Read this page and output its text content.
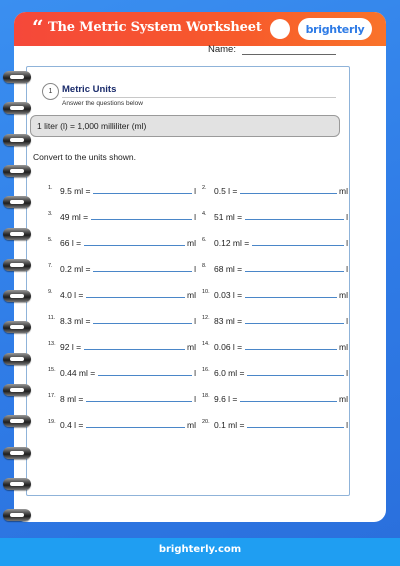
“ The Metric System Worksheet	brighterly
Name:
1	Metric Units
Answer the questions below
1 liter (l) = 1,000 milliliter (ml)
Convert to the units shown.
1. 9.5 ml =	l 2. 0.5 l =	ml
3. 49 ml =	l 4. 51 ml =	l
5. 66 l =	ml 6. 0.12 ml =	l
7. 0.2 ml =	l 8. 68 ml =	l
9. 4.0 l =	ml 10. 0.03 l =	ml
11. 8.3 ml =	l 12. 83 ml =	l
13. 92 l =	ml 14. 0.06 l =	ml
15. 0.44 ml =	l 16. 6.0 ml =	l
17. 8 ml =	l 18. 9.6 l =	ml
19. 0.4 l =	ml 20. 0.1 ml =	l
brighterly.com
